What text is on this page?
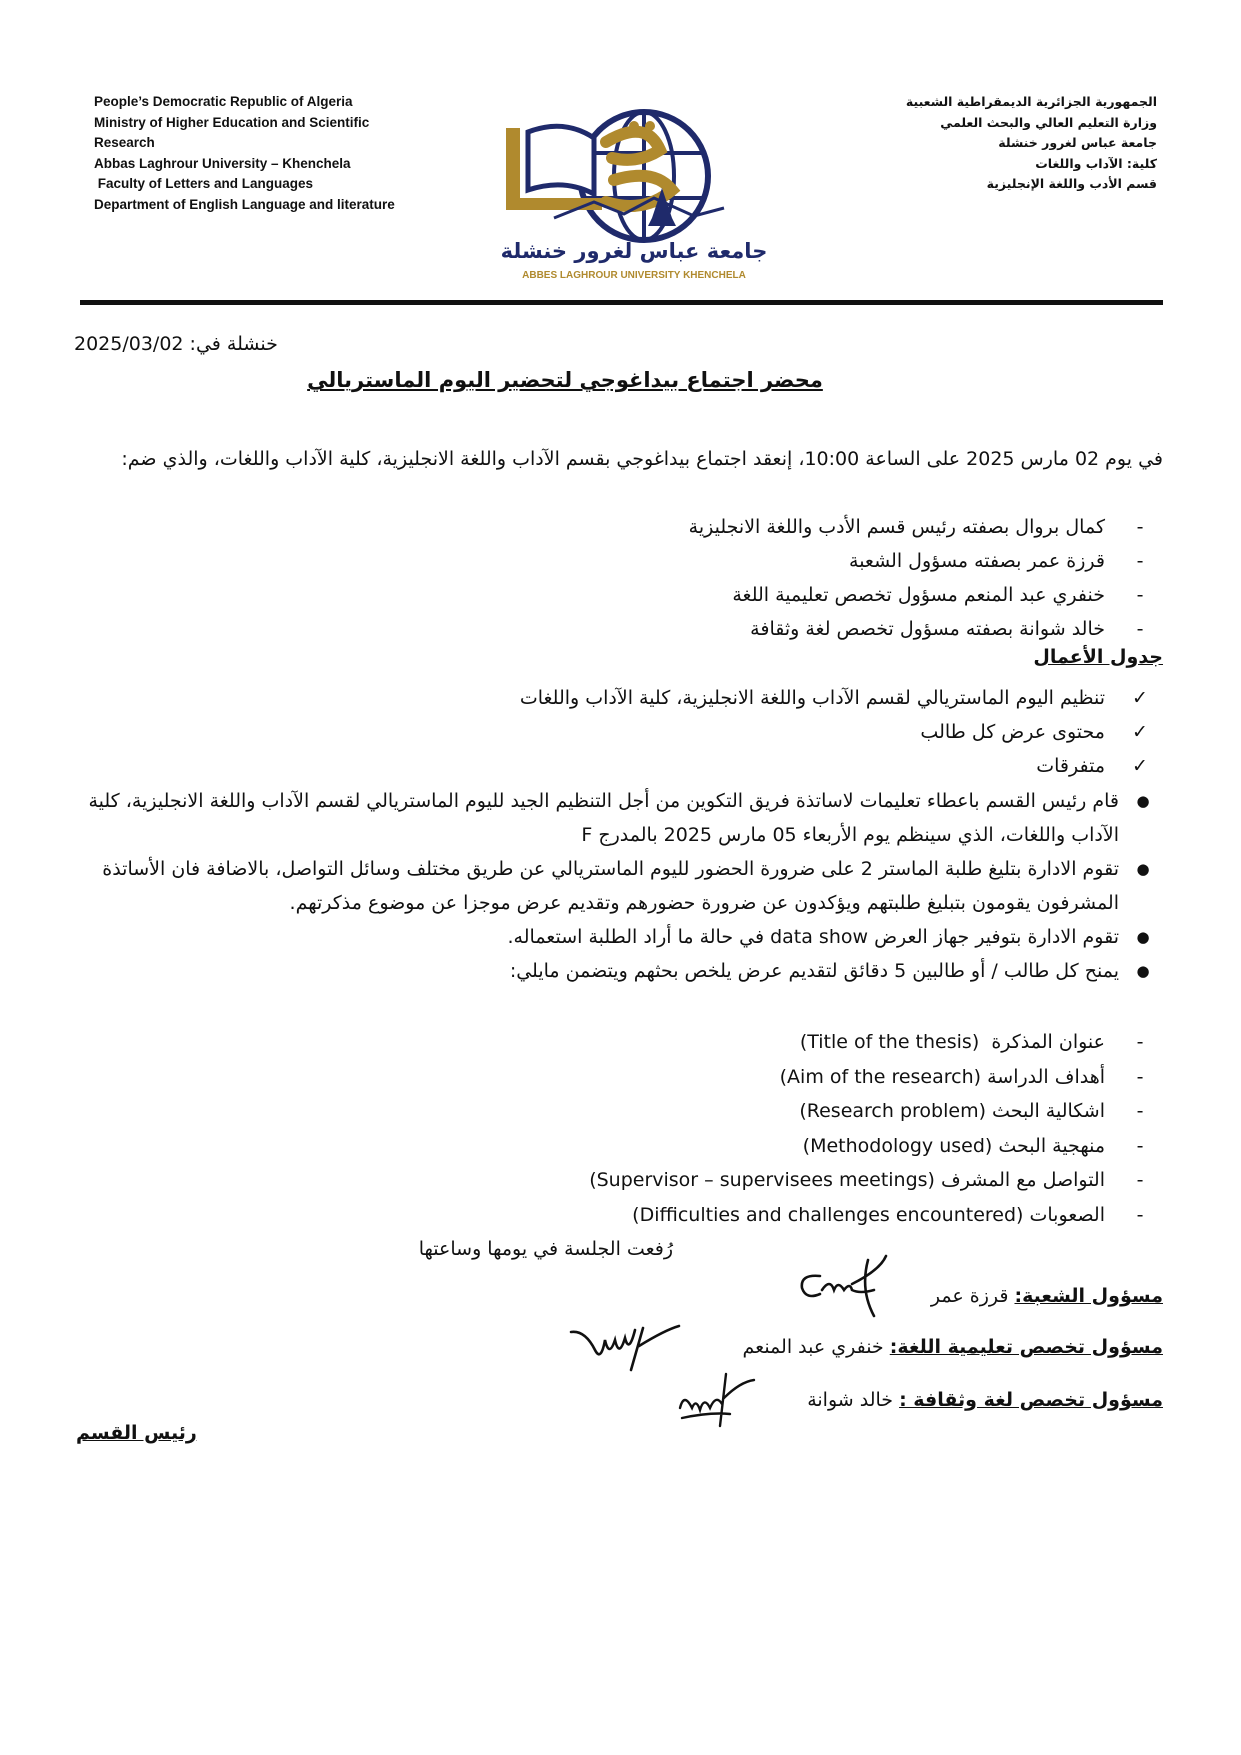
People’s Democratic Republic of Algeria
Ministry of Higher Education and Scientific
Research
Abbas Laghrour University – Khenchela
Faculty of Letters and Languages
Department of English Language and literature
الجمهورية الجزائرية الديمقراطية الشعبية
وزارة التعليم العالي والبحث العلمي
جامعة عباس لغرور خنشلة
كلية: الآداب واللغات
قسم الأدب واللغة الإنجليزية
جامعة عباس لغرور خنشلة
ABBES LAGHROUR UNIVERSITY KHENCHELA
خنشلة في: 2025/03/02
محضر اجتماع بيداغوجي لتحضير اليوم الماستريالي
في يوم 02 مارس 2025 على الساعة 10:00، إنعقد اجتماع بيداغوجي بقسم الآداب واللغة الانجليزية، كلية الآداب واللغات، والذي ضم:
-
كمال بروال بصفته رئيس قسم الأدب واللغة الانجليزية
-
قرزة عمر بصفته مسؤول الشعبة
-
خنفري عبد المنعم مسؤول تخصص تعليمية اللغة
-
خالد شوانة بصفته مسؤول تخصص لغة وثقافة
جدول الأعمال
✓
تنظيم اليوم الماستريالي لقسم الآداب واللغة الانجليزية، كلية الآداب واللغات
✓
محتوى عرض كل طالب
✓
متفرقات
●
قام رئيس القسم باعطاء تعليمات لاساتذة فريق التكوين من أجل التنظيم الجيد لليوم الماستريالي لقسم الآداب واللغة الانجليزية، كلية الآداب واللغات، الذي سينظم يوم الأربعاء 05 مارس 2025 بالمدرج F
●
تقوم الادارة بتليغ طلبة الماستر 2 على ضرورة الحضور لليوم الماستريالي عن طريق مختلف وسائل التواصل، بالاضافة فان الأساتذة المشرفون يقومون بتبليغ طلبتهم ويؤكدون عن ضرورة حضورهم وتقديم عرض موجزا عن موضوع مذكرتهم.
●
تقوم الادارة بتوفير جهاز العرض data show في حالة ما أراد الطلبة استعماله.
●
يمنح كل طالب / أو طالبين 5 دقائق لتقديم عرض يلخص بحثهم ويتضمن مايلي:
-
عنوان المذكرة  (Title of the thesis)
-
أهداف الدراسة (Aim of the research)
-
اشكالية البحث (Research problem)
-
منهجية البحث (Methodology used)
-
التواصل مع المشرف (Supervisor – supervisees meetings)
-
الصعوبات (Difficulties and challenges encountered)
رُفعت الجلسة في يومها وساعتها
مسؤول الشعبة: قرزة عمر
مسؤول تخصص تعليمية اللغة: خنفري عبد المنعم
مسؤول تخصص لغة وثقافة : خالد شوانة
رئيس القسم
